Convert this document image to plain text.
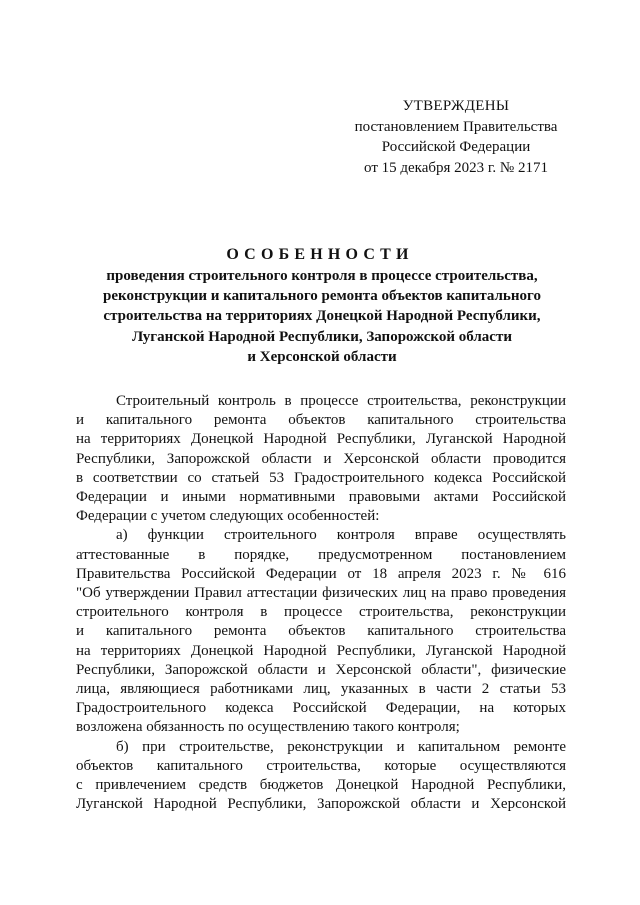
УТВЕРЖДЕНЫ
постановлением Правительства
Российской Федерации
от 15 декабря 2023 г. № 2171
ОСОБЕННОСТИ
проведения строительного контроля в процессе строительства,
реконструкции и капитального ремонта объектов капитального
строительства на территориях Донецкой Народной Республики,
Луганской Народной Республики, Запорожской области
и Херсонской области
Строительный контроль в процессе строительства, реконструкции
и капитального ремонта объектов капитального строительства
на территориях Донецкой Народной Республики, Луганской Народной
Республики, Запорожской области и Херсонской области проводится
в соответствии со статьей 53 Градостроительного кодекса Российской
Федерации и иными нормативными правовыми актами Российской
Федерации с учетом следующих особенностей:
а) функции строительного контроля вправе осуществлять
аттестованные в порядке, предусмотренном постановлением
Правительства Российской Федерации от 18 апреля 2023 г. № 616
"Об утверждении Правил аттестации физических лиц на право проведения
строительного контроля в процессе строительства, реконструкции
и капитального ремонта объектов капитального строительства
на территориях Донецкой Народной Республики, Луганской Народной
Республики, Запорожской области и Херсонской области", физические
лица, являющиеся работниками лиц, указанных в части 2 статьи 53
Градостроительного кодекса Российской Федерации, на которых
возложена обязанность по осуществлению такого контроля;
б) при строительстве, реконструкции и капитальном ремонте
объектов капитального строительства, которые осуществляются
с привлечением средств бюджетов Донецкой Народной Республики,
Луганской Народной Республики, Запорожской области и Херсонской
